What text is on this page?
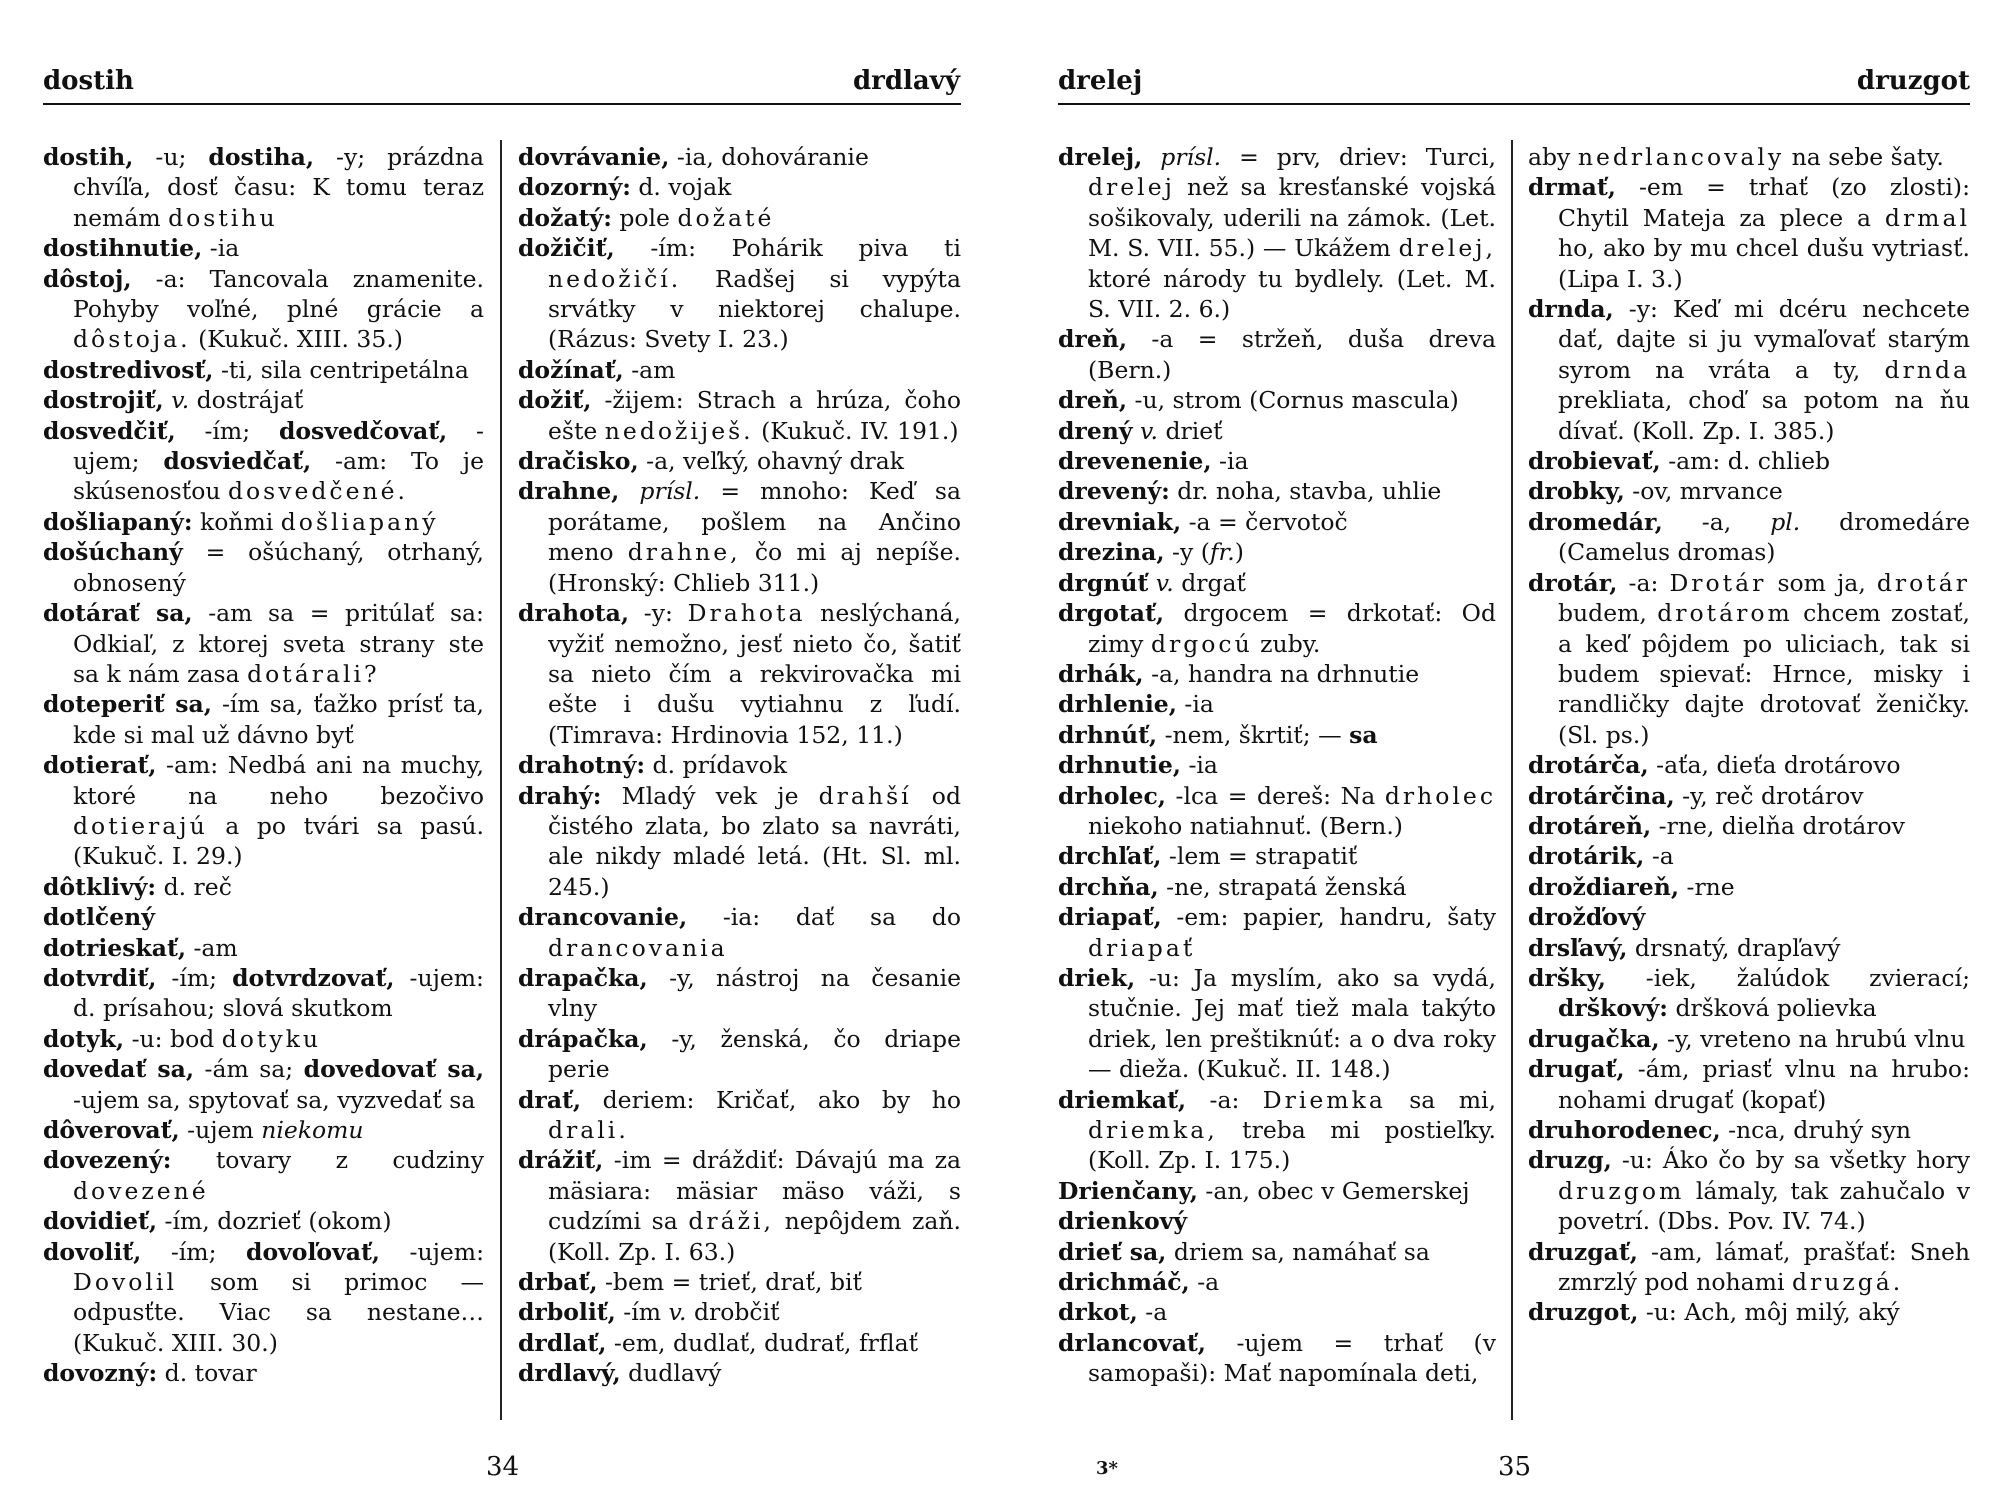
dostih	drdlavý

dostih, -u; dostiha, -y; prázdna chvíľa, dosť času: K tomu teraz nemám dostihu

dostihnutie, -ia

dôstoj, -a: Tancovala znamenite. Pohyby voľné, plné grácie a dôstoja. (Kukuč. XIII. 35.)

dostredivosť, -ti, sila centripetálna

dostrojiť, v. dostrájať

dosvedčiť, -ím; dosvedčovať, -ujem; dosviedčať, -am: To je skúsenosťou dosvedčené.

došliapaný: koňmi došliapaný

došúchaný = ošúchaný, otrhaný, obnosený

dotárať sa, -am sa = pritúlať sa: Odkiaľ, z ktorej sveta strany ste sa k nám zasa dotárali?

doteperiť sa, -ím sa, ťažko prísť ta, kde si mal už dávno byť

dotierať, -am: Nedbá ani na muchy, ktoré na neho bezočivo dotierajú a po tvári sa pasú. (Kukuč. I. 29.)

dôtklivý: d. reč

dotlčený

dotrieskať, -am

dotvrdiť, -ím; dotvrdzovať, -ujem: d. prísahou; slová skutkom

dotyk, -u: bod dotyku

dovedať sa, -ám sa; dovedovať sa, -ujem sa, spytovať sa, vyzvedať sa

dôverovať, -ujem niekomu

dovezený: tovary z cudziny dovezené

dovidieť, -ím, dozrieť (okom)

dovoliť, -ím; dovoľovať, -ujem: Dovolil som si primoc — odpusťte. Viac sa nestane… (Kukuč. XIII. 30.)

dovozný: d. tovar

dovrávanie, -ia, dohováranie

dozorný: d. vojak

dožatý: pole dožaté

dožičiť, -ím: Pohárik piva ti nedožičí. Radšej si vypýta srvátky v niektorej chalupe. (Rázus: Svety I. 23.)

dožínať, -am

dožiť, -žijem: Strach a hrúza, čoho ešte nedožiješ. (Kukuč. IV. 191.)

dračisko, -a, veľký, ohavný drak

drahne, prísl. = mnoho: Keď sa porátame, pošlem na Ančino meno drahne, čo mi aj nepíše. (Hronský: Chlieb 311.)

drahota, -y: Drahota neslýchaná, vyžiť nemožno, jesť nieto čo, šatiť sa nieto čím a rekvirovačka mi ešte i dušu vytiahnu z ľudí. (Timrava: Hrdinovia 152, 11.)

drahotný: d. prídavok

drahý: Mladý vek je drahší od čistého zlata, bo zlato sa navráti, ale nikdy mladé letá. (Ht. Sl. ml. 245.)

drancovanie, -ia: dať sa do drancovania

drapačka, -y, nástroj na česanie vlny

drápačka, -y, ženská, čo driape perie

drať, deriem: Kričať, ako by ho drali.

drážiť, -im = dráždiť: Dávajú ma za mäsiara: mäsiar mäso váži, s cudzími sa dráži, nepôjdem zaň. (Koll. Zp. I. 63.)

drbať, -bem = trieť, drať, biť

drboliť, -ím v. drobčiť

drdlať, -em, dudlať, dudrať, frflať

drdlavý, dudlavý

34
drelej	druzgot

drelej, prísl. = prv, driev: Turci, drelej než sa kresťanské vojská sošikovaly, uderili na zámok. (Let. M. S. VII. 55.) — Ukážem drelej, ktoré národy tu bydlely. (Let. M. S. VII. 2. 6.)

dreň, -a = stržeň, duša dreva (Bern.)

dreň, -u, strom (Cornus mascula)

drený v. drieť

drevenenie, -ia

drevený: dr. noha, stavba, uhlie

drevniak, -a = červotoč

drezina, -y (fr.)

drgnúť v. drgať

drgotať, drgocem = drkotať: Od zimy drgocú zuby.

drhák, -a, handra na drhnutie

drhlenie, -ia

drhnúť, -nem, škrtiť; — sa

drhnutie, -ia

drholec, -lca = dereš: Na drholec niekoho natiahnuť. (Bern.)

drchľať, -lem = strapatiť

drchňa, -ne, strapatá ženská

driapať, -em: papier, handru, šaty driapať

driek, -u: Ja myslím, ako sa vydá, stučnie. Jej mať tiež mala takýto driek, len preštiknúť: a o dva roky — dieža. (Kukuč. II. 148.)

driemkať, -a: Driemka sa mi, driemka, treba mi postieľky. (Koll. Zp. I. 175.)

Drienčany, -an, obec v Gemerskej

drienkový

drieť sa, driem sa, namáhať sa

drichmáč, -a

drkot, -a

drlancovať, -ujem = trhať (v samopaši): Mať napomínala deti,

aby nedrlancovaly na sebe šaty.

drmať, -em = trhať (zo zlosti): Chytil Mateja za plece a drmal ho, ako by mu chcel dušu vytriasť. (Lipa I. 3.)

drnda, -y: Keď mi dcéru nechcete dať, dajte si ju vymaľovať starým syrom na vráta a ty, drnda prekliata, choď sa potom na ňu dívať. (Koll. Zp. I. 385.)

drobievať, -am: d. chlieb

drobky, -ov, mrvance

dromedár, -a, pl. dromedáre (Camelus dromas)

drotár, -a: Drotár som ja, drotár budem, drotárom chcem zostať, a keď pôjdem po uliciach, tak si budem spievať: Hrnce, misky i randličky dajte drotovať ženičky. (Sl. ps.)

drotárča, -aťa, dieťa drotárovo

drotárčina, -y, reč drotárov

drotáreň, -rne, dielňa drotárov

drotárik, -a

droždiareň, -rne

drožďový

drsľavý, drsnatý, drapľavý

dršky, -iek, žalúdok zvierací; drškový: dršková polievka

drugačka, -y, vreteno na hrubú vlnu

drugať, -ám, priasť vlnu na hrubo: nohami drugať (kopať)

druhorodenec, -nca, druhý syn

druzg, -u: Áko čo by sa všetky hory druzgom lámaly, tak zahučalo v povetrí. (Dbs. Pov. IV. 74.)

druzgať, -am, lámať, prašťať: Sneh zmrzlý pod nohami druzgá.

druzgot, -u: Ach, môj milý, aký

3*	35
